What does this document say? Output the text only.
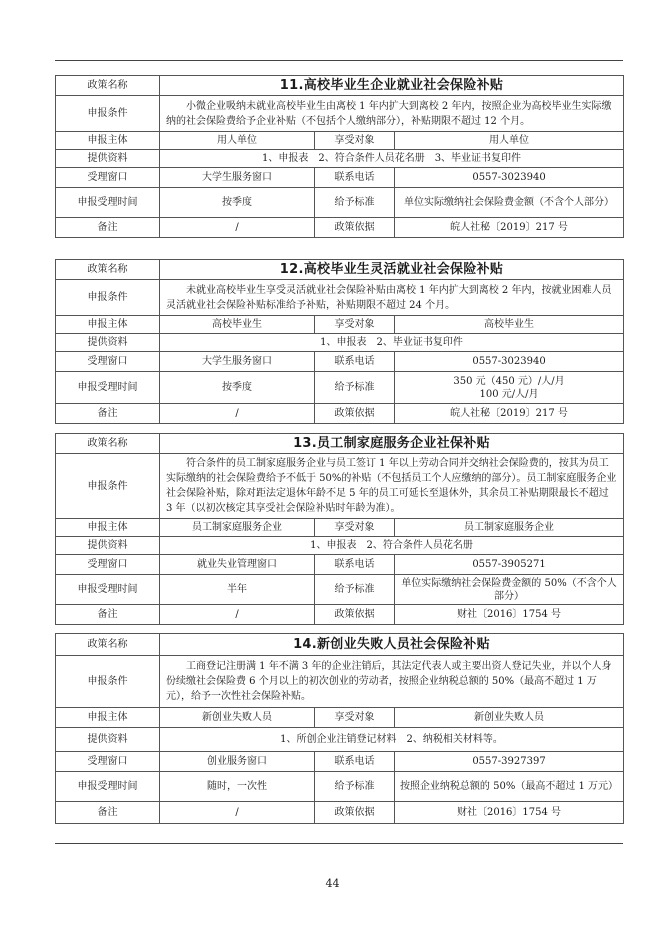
政策名称	11.高校毕业生企业就业社会保险补贴		
申报条件	小微企业吸纳未就业高校毕业生由离校 1 年内扩大到离校 2 年内，按照企业为高校毕业生实际缴纳的社会保险费给予企业补贴（不包括个人缴纳部分），补贴期限不超过 12 个月。		
申报主体	用人单位	享受对象	用人单位
提供资料	1、申报表　2、符合条件人员花名册　3、毕业证书复印件		
受理窗口	大学生服务窗口	联系电话	0557-3023940
申报受理时间	按季度	给予标准	单位实际缴纳社会保险费金额（不含个人部分）
备注	/	政策依据	皖人社秘〔2019〕217 号
政策名称	12.高校毕业生灵活就业社会保险补贴		
申报条件	未就业高校毕业生享受灵活就业社会保险补贴由离校 1 年内扩大到离校 2 年内，按就业困难人员灵活就业社会保险补贴标准给予补贴，补贴期限不超过 24 个月。		
申报主体	高校毕业生	享受对象	高校毕业生
提供资料	1、申报表　2、毕业证书复印件		
受理窗口	大学生服务窗口	联系电话	0557-3023940
申报受理时间	按季度	给予标准	350 元（450 元）/人/月
100 元/人/月

备注	/	政策依据	皖人社秘〔2019〕217 号
政策名称	13.员工制家庭服务企业社保补贴		
申报条件	符合条件的员工制家庭服务企业与员工签订 1 年以上劳动合同并交纳社会保险费的，按其为员工实际缴纳的社会保险费给予不低于 50%的补贴（不包括员工个人应缴纳的部分）。员工制家庭服务企业社会保险补贴，除对距法定退休年龄不足 5 年的员工可延长至退休外，其余员工补贴期限最长不超过 3 年（以初次核定其享受社会保险补贴时年龄为准）。		
申报主体	员工制家庭服务企业	享受对象	员工制家庭服务企业
提供资料	1、申报表　2、符合条件人员花名册		
受理窗口	就业失业管理窗口	联系电话	0557-3905271
申报受理时间	半年	给予标准	单位实际缴纳社会保险费金额的 50%（不含个人部分）
备注	/	政策依据	财社〔2016〕1754 号
政策名称	14.新创业失败人员社会保险补贴		
申报条件	工商登记注册满 1 年不满 3 年的企业注销后，其法定代表人或主要出资人登记失业，并以个人身份续缴社会保险费 6 个月以上的初次创业的劳动者，按照企业纳税总额的 50%（最高不超过 1 万元），给予一次性社会保险补贴。		
申报主体	新创业失败人员	享受对象	新创业失败人员
提供资料	1、所创企业注销登记材料　2、纳税相关材料等。		
受理窗口	创业服务窗口	联系电话	0557-3927397
申报受理时间	随时，一次性	给予标准	按照企业纳税总额的 50%（最高不超过 1 万元）
备注	/	政策依据	财社〔2016〕1754 号
44
